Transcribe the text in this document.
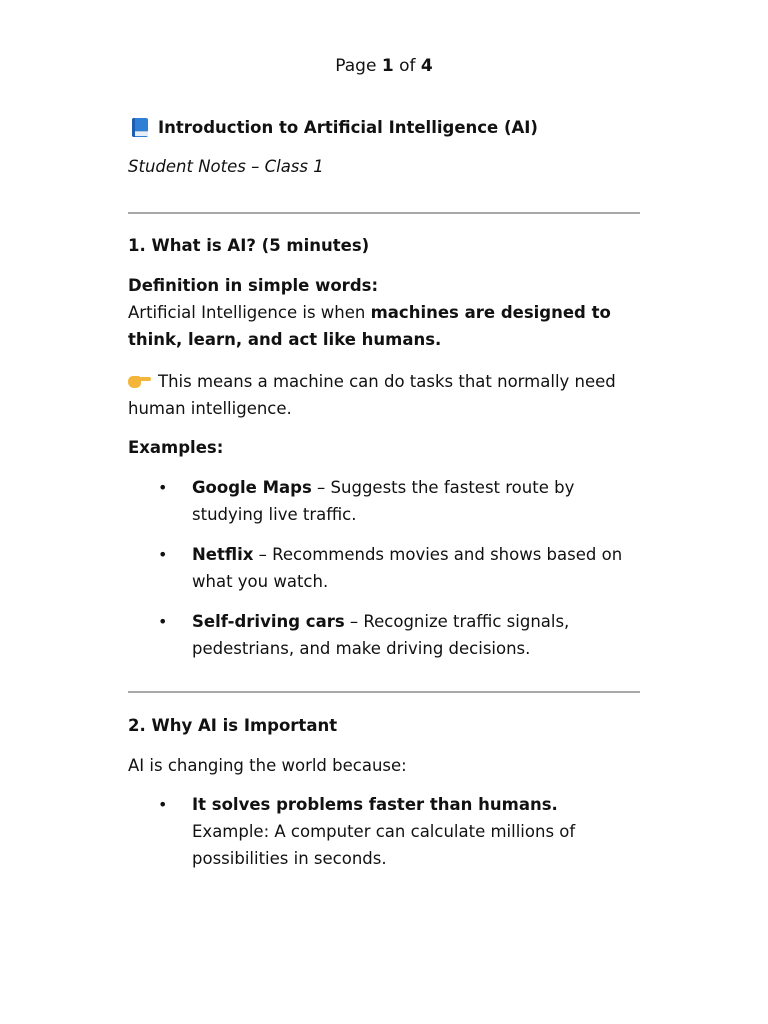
Page 1 of 4
Introduction to Artificial Intelligence (AI)
Student Notes – Class 1
1. What is AI? (5 minutes)
Definition in simple words:
Artificial Intelligence is when machines are designed to think, learn, and act like humans.
This means a machine can do tasks that normally need human intelligence.
Examples:
• Google Maps – Suggests the fastest route by studying live traffic.
• Netflix – Recommends movies and shows based on what you watch.
• Self-driving cars – Recognize traffic signals, pedestrians, and make driving decisions.
2. Why AI is Important
AI is changing the world because:
• It solves problems faster than humans.
Example: A computer can calculate millions of possibilities in seconds.
